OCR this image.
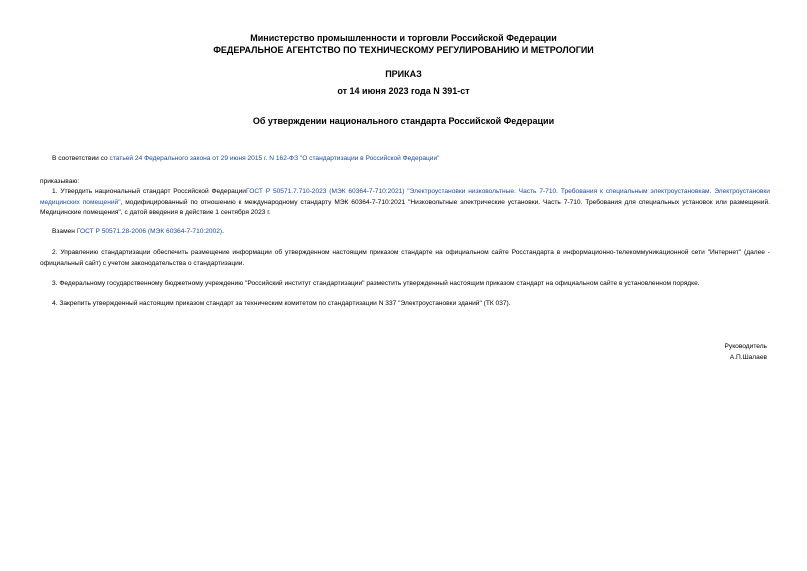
Министерство промышленности и торговли Российской Федерации
ФЕДЕРАЛЬНОЕ АГЕНТСТВО ПО ТЕХНИЧЕСКОМУ РЕГУЛИРОВАНИЮ И МЕТРОЛОГИИ
ПРИКАЗ
от 14 июня 2023 года N 391-ст
Об утверждении национального стандарта Российской Федерации
В соответствии со статьей 24 Федерального закона от 29 июня 2015 г. N 162-ФЗ "О стандартизации в Российской Федерации"
приказываю:
1. Утвердить национальный стандарт Российской ФедерацииГОСТ Р 50571.7.710-2023 (МЭК 60364-7-710:2021) "Электроустановки низковольтные. Часть 7-710. Требования к специальным электроустановкам. Электроустановки медицинских помещений", модифицированный по отношению к международному стандарту МЭК 60364-7-710:2021 "Низковольтные электрические установки. Часть 7-710. Требования для специальных установок или размещений. Медицинские помещения", с датой введения в действие 1 сентября 2023 г.
Взамен ГОСТ Р 50571.28-2006 (МЭК 60364-7-710:2002).
2. Управлению стандартизации обеспечить размещение информации об утвержденном настоящим приказом стандарте на официальном сайте Росстандарта в информационно-телекоммуникационной сети "Интернет" (далее - официальный сайт) с учетом законодательства о стандартизации.
3. Федеральному государственному бюджетному учреждению "Российский институт стандартизации" разместить утвержденный настоящим приказом стандарт на официальном сайте в установленном порядке.
4. Закрепить утвержденный настоящим приказом стандарт за техническим комитетом по стандартизации N 337 "Электроустановки зданий" (ТК 037).
Руководитель
А.П.Шалаев
